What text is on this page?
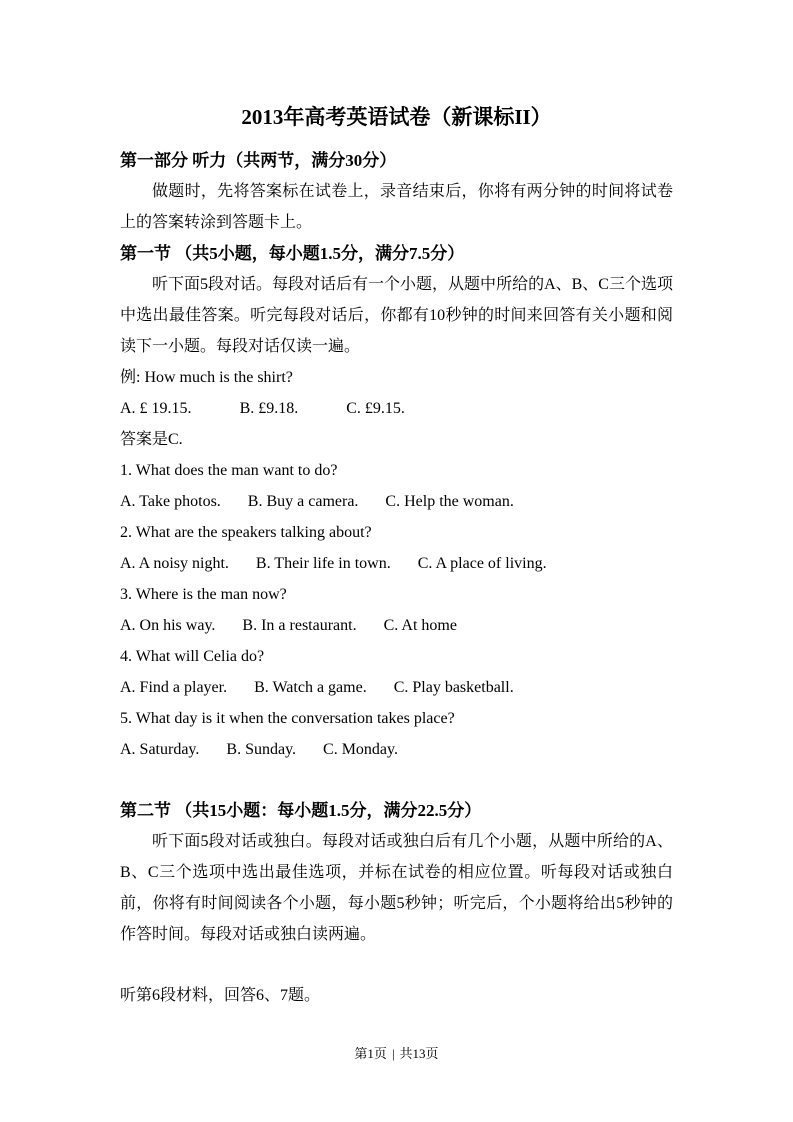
2013年高考英语试卷（新课标II）
第一部分 听力（共两节，满分30分）

做题时，先将答案标在试卷上，录音结束后，你将有两分钟的时间将试卷上的答案转涂到答题卡上。

第一节 （共5小题，每小题1.5分，满分7.5分）

听下面5段对话。每段对话后有一个小题，从题中所给的A、B、C三个选项中选出最佳答案。听完每段对话后，你都有10秒钟的时间来回答有关小题和阅读下一小题。每段对话仅读一遍。

例: How much is the shirt?

A. £ 19.15.	B. £9.18.	C. £9.15.

答案是C.

1. What does the man want to do?

A. Take photos. B. Buy a camera. C. Help the woman.

2. What are the speakers talking about?

A. A noisy night. B. Their life in town. C. A place of living.

3. Where is the man now?

A. On his way. B. In a restaurant. C. At home

4. What will Celia do?

A. Find a player. B. Watch a game. C. Play basketball.

5. What day is it when the conversation takes place?

A. Saturday. B. Sunday. C. Monday.
第二节 （共15小题：每小题1.5分，满分22.5分）

听下面5段对话或独白。每段对话或独白后有几个小题，从题中所给的A、B、C三个选项中选出最佳选项，并标在试卷的相应位置。听每段对话或独白前，你将有时间阅读各个小题，每小题5秒钟；听完后，个小题将给出5秒钟的作答时间。每段对话或独白读两遍。

听第6段材料，回答6、7题。

第1页 | 共13页
